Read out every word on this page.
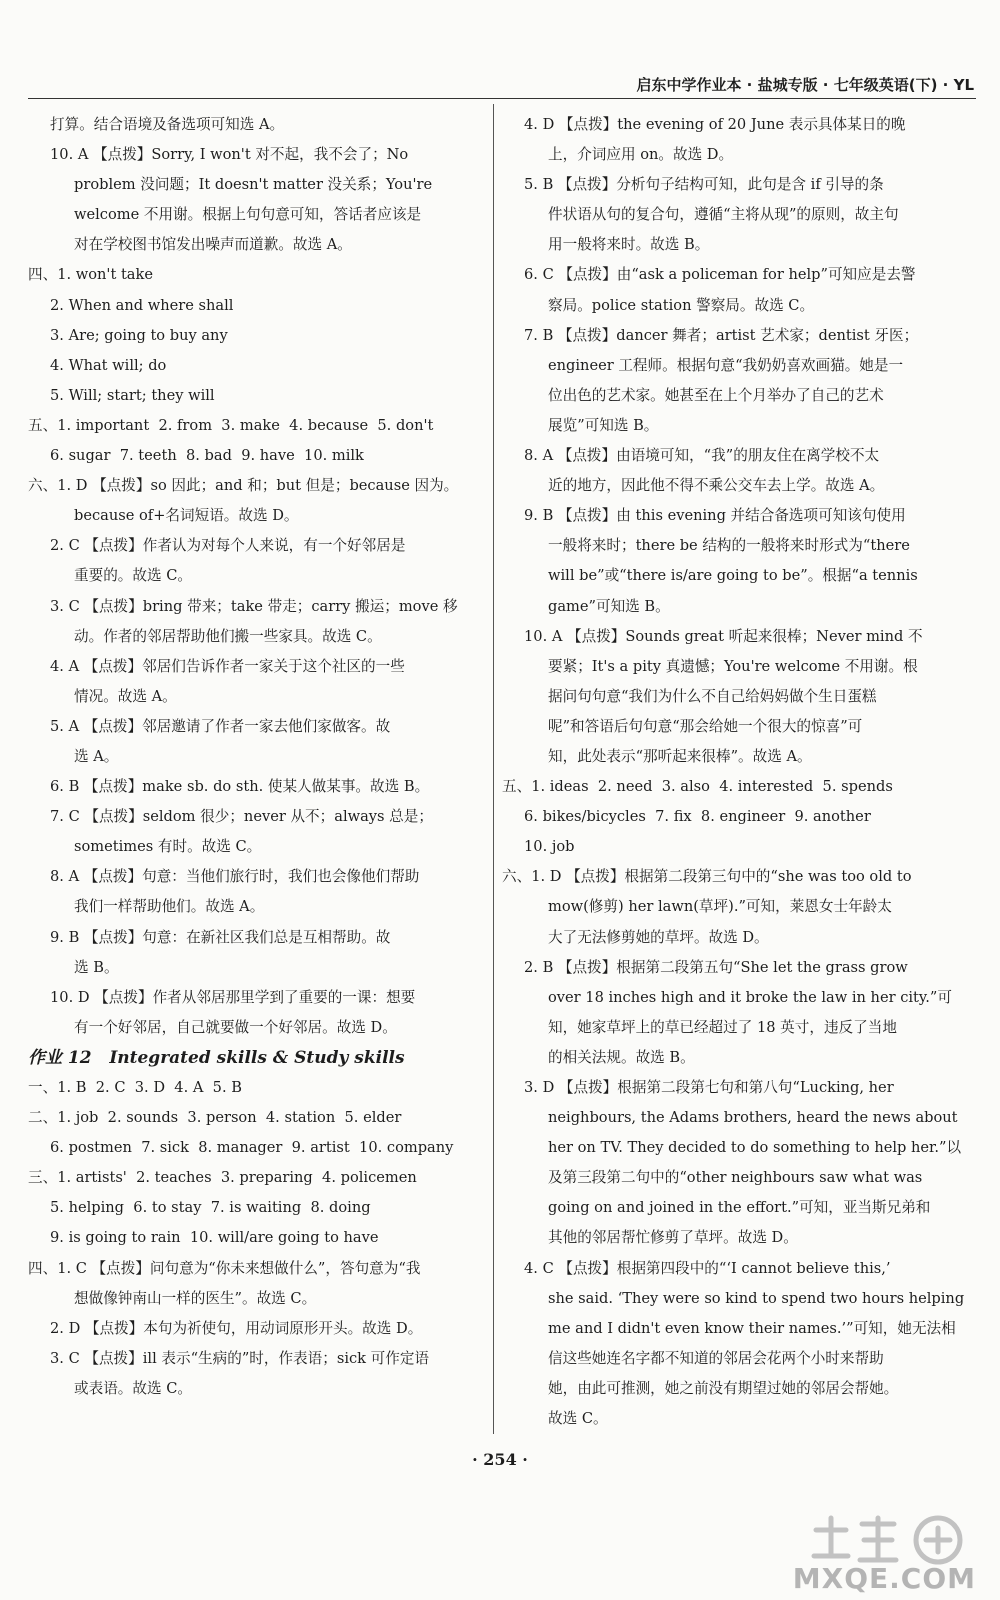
启东中学作业本 · 盐城专版 · 七年级英语(下) · YL
打算。结合语境及备选项可知选 A。
10. A 【点拨】Sorry, I won't 对不起，我不会了；No
problem 没问题；It doesn't matter 没关系；You're
welcome 不用谢。根据上句句意可知，答话者应该是
对在学校图书馆发出噪声而道歉。故选 A。
四、1. won't take
2. When and where shall
3. Are; going to buy any
4. What will; do
5. Will; start; they will
五、1. important  2. from  3. make  4. because  5. don't
6. sugar  7. teeth  8. bad  9. have  10. milk
六、1. D 【点拨】so 因此；and 和；but 但是；because 因为。
because of+名词短语。故选 D。
2. C 【点拨】作者认为对每个人来说，有一个好邻居是
重要的。故选 C。
3. C 【点拨】bring 带来；take 带走；carry 搬运；move 移
动。作者的邻居帮助他们搬一些家具。故选 C。
4. A 【点拨】邻居们告诉作者一家关于这个社区的一些
情况。故选 A。
5. A 【点拨】邻居邀请了作者一家去他们家做客。故
选 A。
6. B 【点拨】make sb. do sth. 使某人做某事。故选 B。
7. C 【点拨】seldom 很少；never 从不；always 总是；
sometimes 有时。故选 C。
8. A 【点拨】句意：当他们旅行时，我们也会像他们帮助
我们一样帮助他们。故选 A。
9. B 【点拨】句意：在新社区我们总是互相帮助。故
选 B。
10. D 【点拨】作者从邻居那里学到了重要的一课：想要
有一个好邻居，自己就要做一个好邻居。故选 D。
作业 12   Integrated skills & Study skills
一、1. B  2. C  3. D  4. A  5. B
二、1. job  2. sounds  3. person  4. station  5. elder
6. postmen  7. sick  8. manager  9. artist  10. company
三、1. artists'  2. teaches  3. preparing  4. policemen
5. helping  6. to stay  7. is waiting  8. doing
9. is going to rain  10. will/are going to have
四、1. C 【点拨】问句意为“你未来想做什么”，答句意为“我
想做像钟南山一样的医生”。故选 C。
2. D 【点拨】本句为祈使句，用动词原形开头。故选 D。
3. C 【点拨】ill 表示“生病的”时，作表语；sick 可作定语
或表语。故选 C。
4. D 【点拨】the evening of 20 June 表示具体某日的晚
上，介词应用 on。故选 D。
5. B 【点拨】分析句子结构可知，此句是含 if 引导的条
件状语从句的复合句，遵循“主将从现”的原则，故主句
用一般将来时。故选 B。
6. C 【点拨】由“ask a policeman for help”可知应是去警
察局。police station 警察局。故选 C。
7. B 【点拨】dancer 舞者；artist 艺术家；dentist 牙医；
engineer 工程师。根据句意“我奶奶喜欢画猫。她是一
位出色的艺术家。她甚至在上个月举办了自己的艺术
展览”可知选 B。
8. A 【点拨】由语境可知，“我”的朋友住在离学校不太
近的地方，因此他不得不乘公交车去上学。故选 A。
9. B 【点拨】由 this evening 并结合备选项可知该句使用
一般将来时；there be 结构的一般将来时形式为“there
will be”或“there is/are going to be”。根据“a tennis
game”可知选 B。
10. A 【点拨】Sounds great 听起来很棒；Never mind 不
要紧；It's a pity 真遗憾；You're welcome 不用谢。根
据问句句意“我们为什么不自己给妈妈做个生日蛋糕
呢”和答语后句句意“那会给她一个很大的惊喜”可
知，此处表示“那听起来很棒”。故选 A。
五、1. ideas  2. need  3. also  4. interested  5. spends
6. bikes/bicycles  7. fix  8. engineer  9. another
10. job
六、1. D 【点拨】根据第二段第三句中的“she was too old to
mow(修剪) her lawn(草坪).”可知，莱恩女士年龄太
大了无法修剪她的草坪。故选 D。
2. B 【点拨】根据第二段第五句“She let the grass grow
over 18 inches high and it broke the law in her city.”可
知，她家草坪上的草已经超过了 18 英寸，违反了当地
的相关法规。故选 B。
3. D 【点拨】根据第二段第七句和第八句“Lucking, her
neighbours, the Adams brothers, heard the news about
her on TV. They decided to do something to help her.”以
及第三段第二句中的“other neighbours saw what was
going on and joined in the effort.”可知，亚当斯兄弟和
其他的邻居帮忙修剪了草坪。故选 D。
4. C 【点拨】根据第四段中的“‘I cannot believe this,’
she said. ‘They were so kind to spend two hours helping
me and I didn't even know their names.’”可知，她无法相
信这些她连名字都不知道的邻居会花两个小时来帮助
她，由此可推测，她之前没有期望过她的邻居会帮她。
故选 C。
· 254 ·
MXQE.COM
